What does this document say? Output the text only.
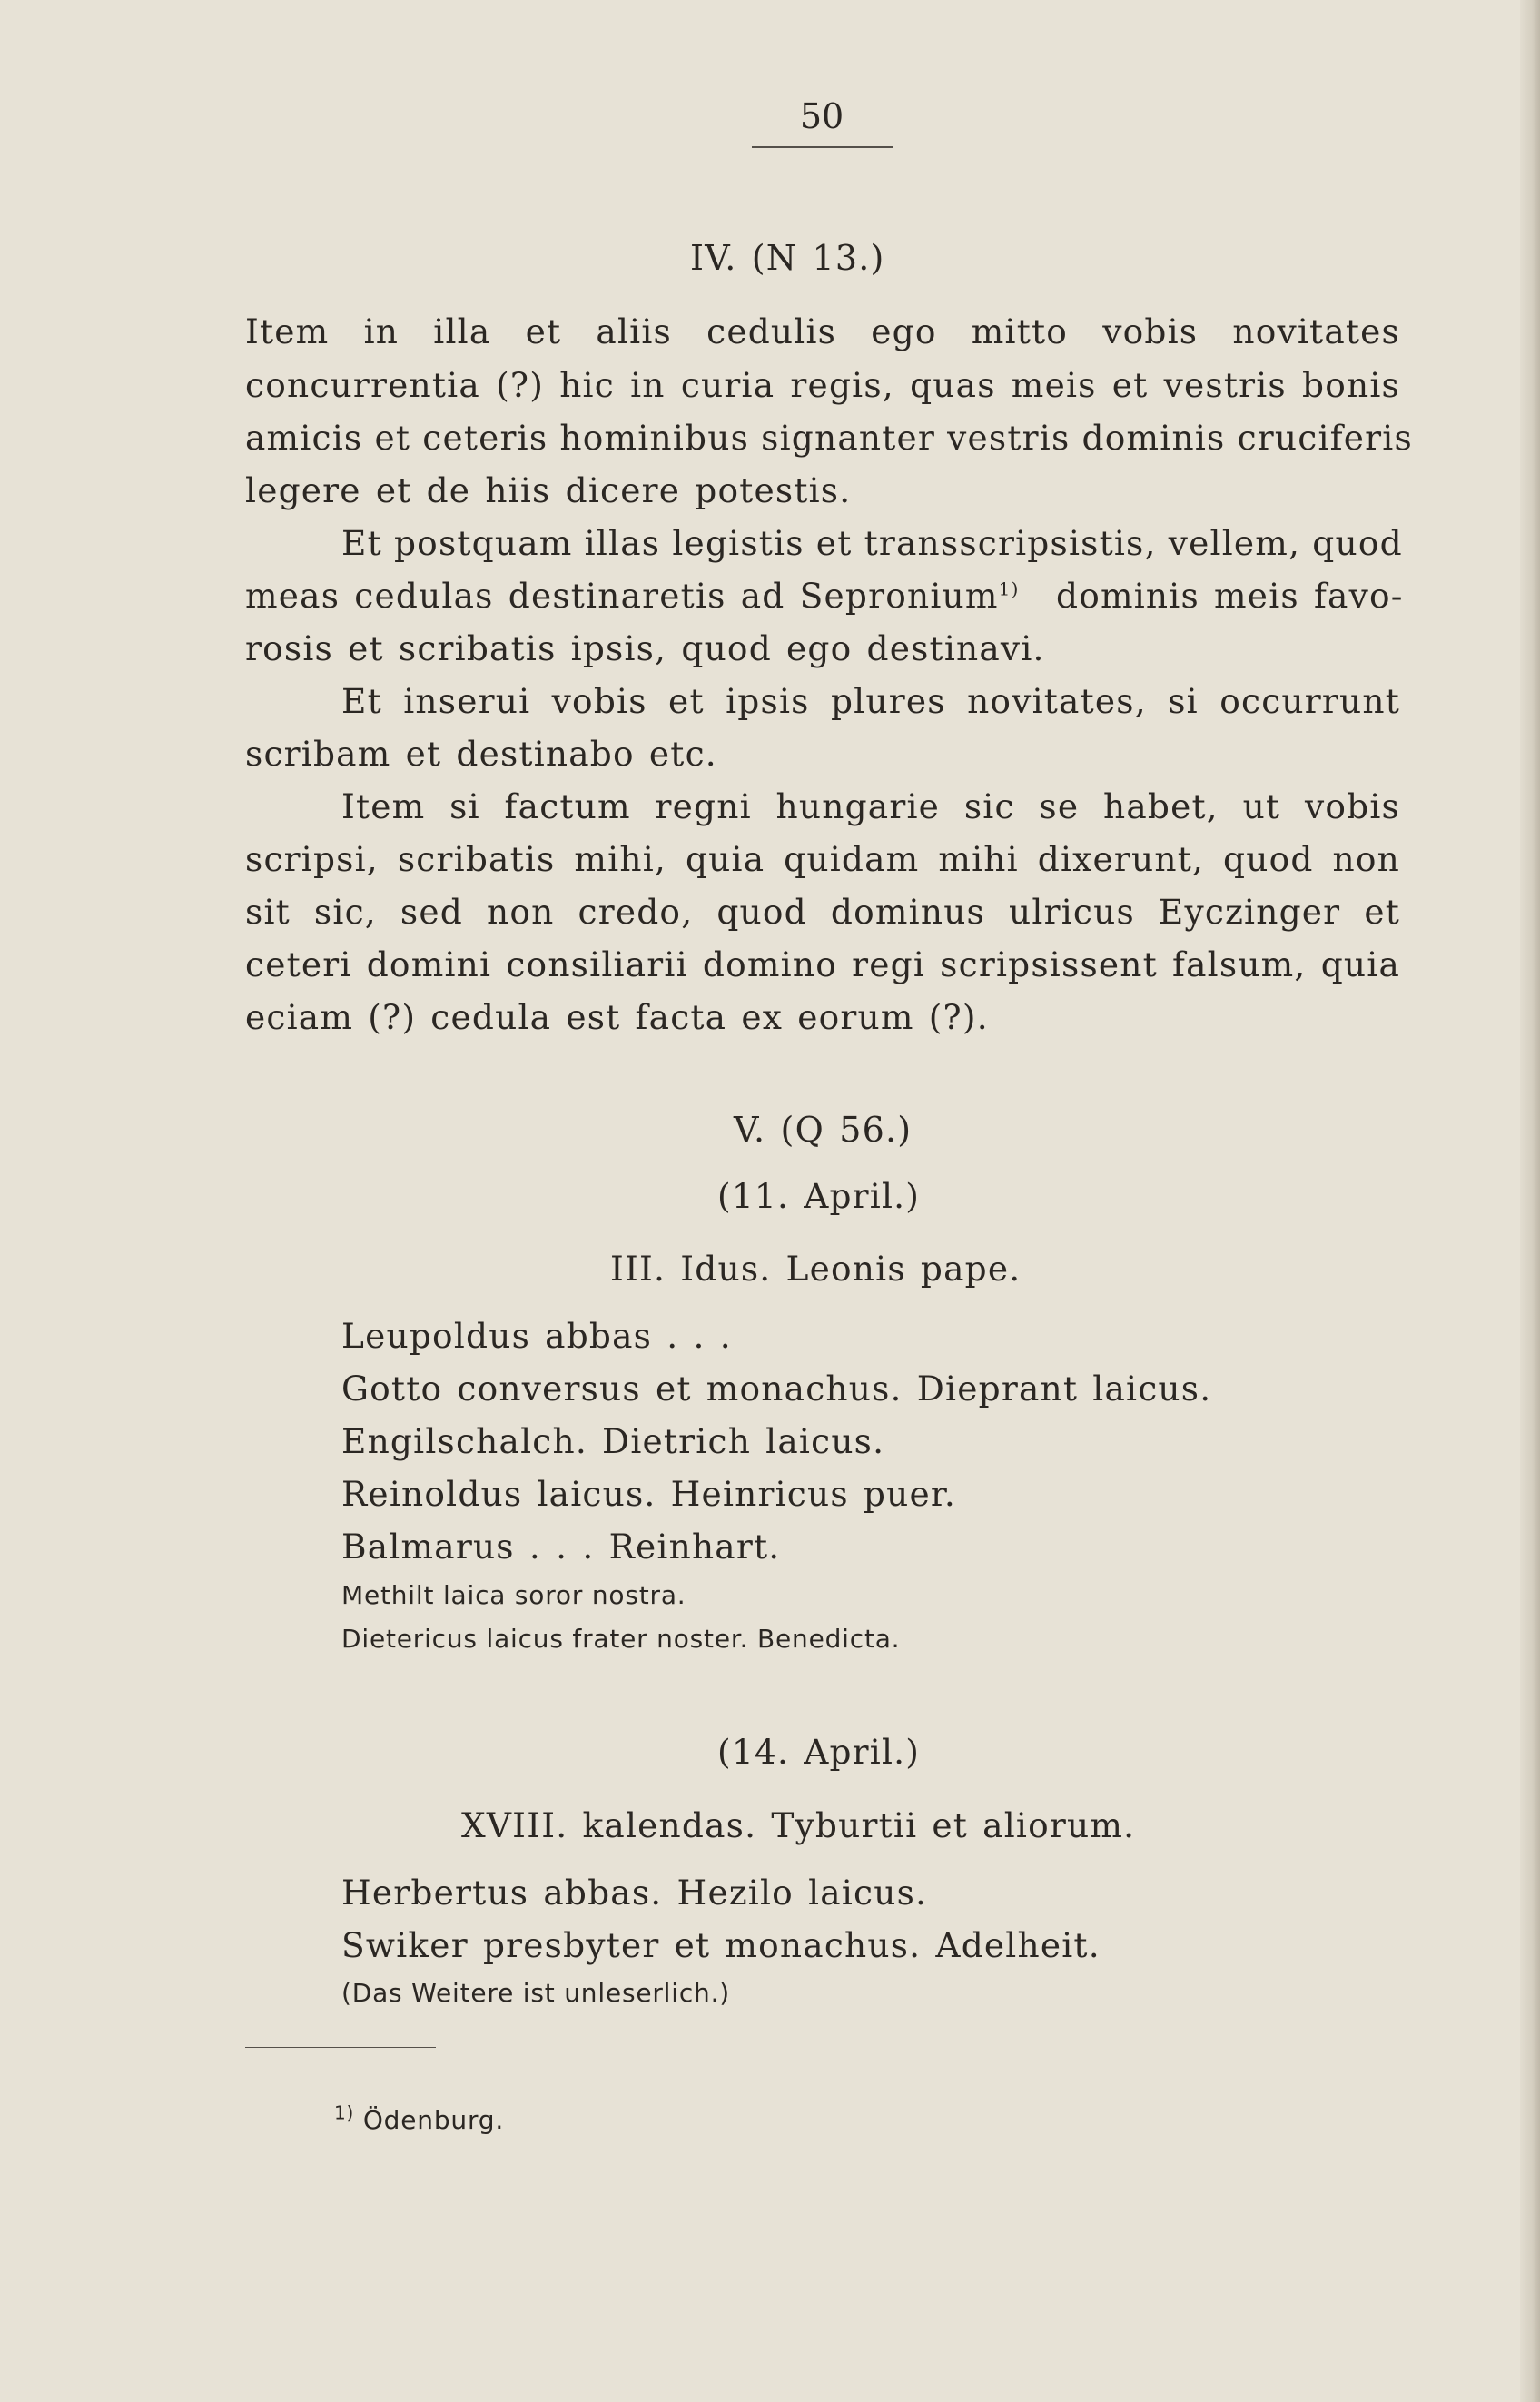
50
IV. (N 13.)
Item in illa et aliis cedulis ego mitto vobis novitates
concurrentia (?) hic in curia regis, quas meis et vestris bonis
amicis et ceteris hominibus signanter vestris dominis cruciferis
legere et de hiis dicere potestis.
Et postquam illas legistis et transscripsistis, vellem, quod
meas cedulas destinaretis ad Sepronium$^{1)}$ dominis meis favo-
rosis et scribatis ipsis, quod ego destinavi.
Et inserui vobis et ipsis plures novitates, si occurrunt
scribam et destinabo etc.
Item si factum regni hungarie sic se habet, ut vobis
scripsi, scribatis mihi, quia quidam mihi dixerunt, quod non
sit sic, sed non credo, quod dominus ulricus Eyczinger et
ceteri domini consiliarii domino regi scripsissent falsum, quia
eciam (?) cedula est facta ex eorum (?).
V. (Q 56.)
(11. April.)
III. Idus. Leonis pape.
Leupoldus abbas . . .
Gotto conversus et monachus. Dieprant laicus.
Engilschalch. Dietrich laicus.
Reinoldus laicus. Heinricus puer.
Balmarus . . . Reinhart.
Methilt laica soror nostra.
Dietericus laicus frater noster. Benedicta.
(14. April.)
XVIII. kalendas. Tyburtii et aliorum.
Herbertus abbas. Hezilo laicus.
Swiker presbyter et monachus. Adelheit.
(Das Weitere ist unleserlich.)
$^{1)}$ Ödenburg.
